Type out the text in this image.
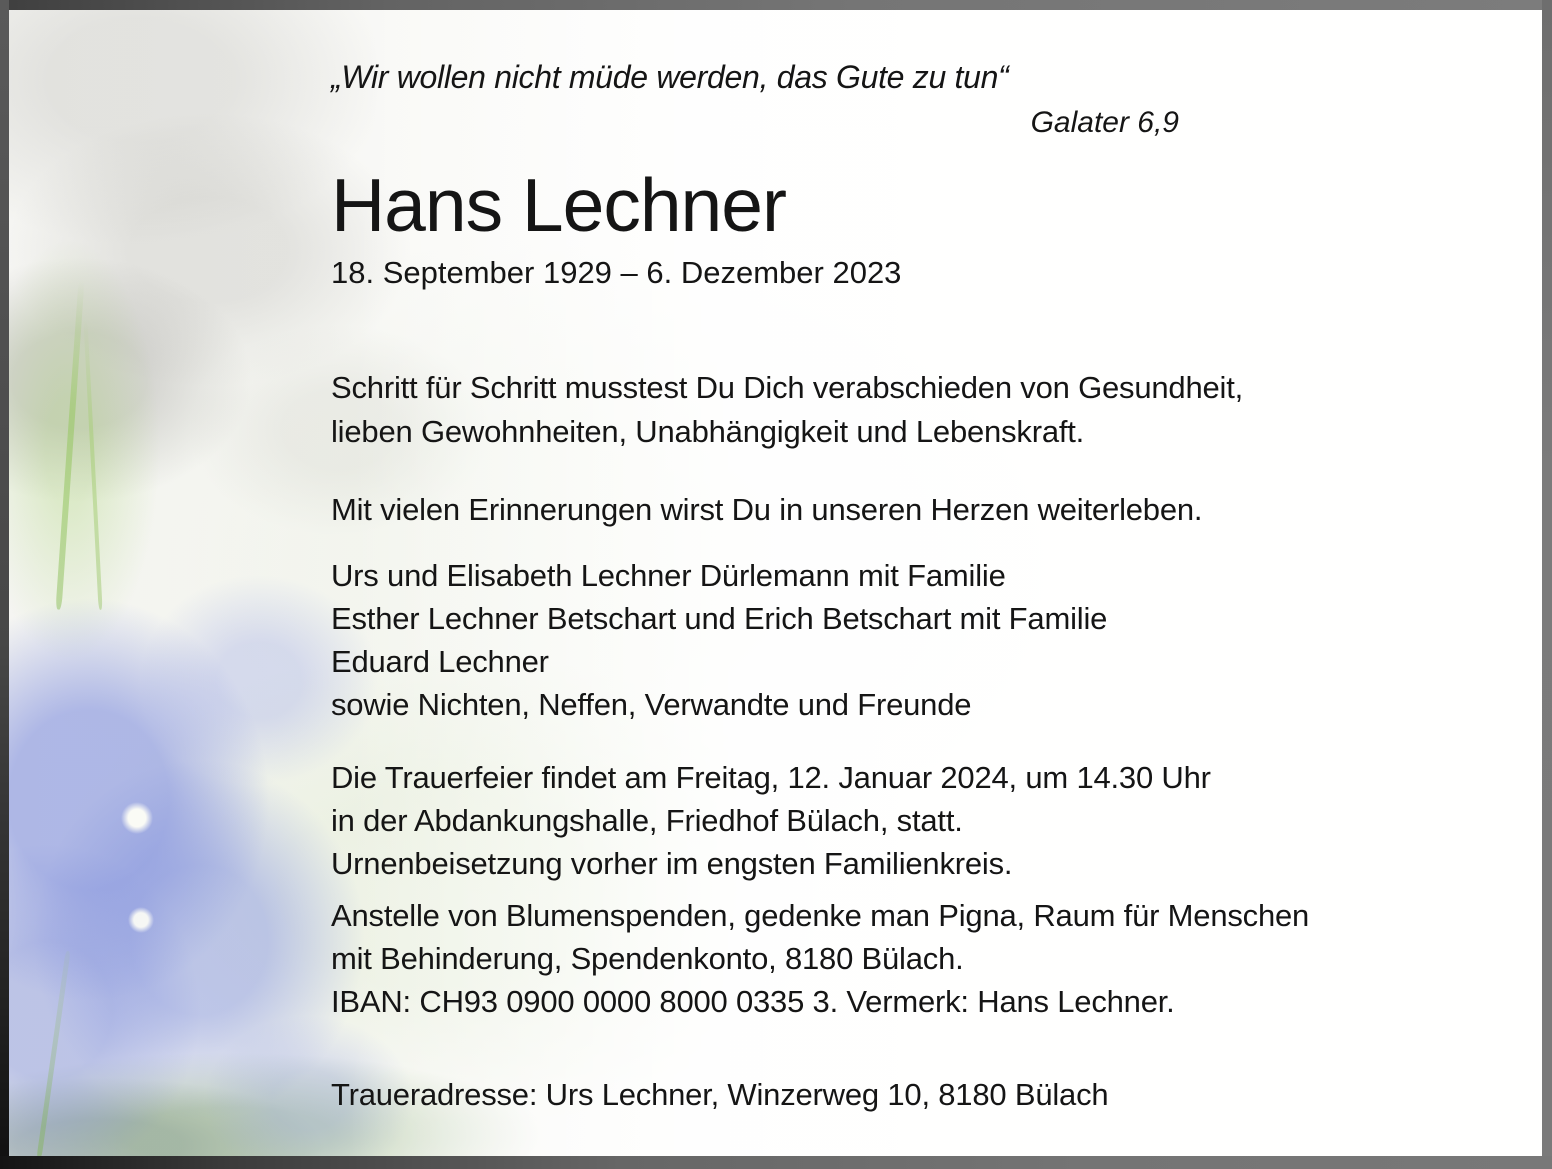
„Wir wollen nicht müde werden, das Gute zu tun“
Galater 6,9
Hans Lechner
18. September 1929 – 6. Dezember 2023
Schritt für Schritt musstest Du Dich verabschieden von Gesundheit,
lieben Gewohnheiten, Unabhängigkeit und Lebenskraft.
Mit vielen Erinnerungen wirst Du in unseren Herzen weiterleben.
Urs und Elisabeth Lechner Dürlemann mit Familie
Esther Lechner Betschart und Erich Betschart mit Familie
Eduard Lechner
sowie Nichten, Neffen, Verwandte und Freunde
Die Trauerfeier findet am Freitag, 12. Januar 2024, um 14.30 Uhr
in der Abdankungshalle, Friedhof Bülach, statt.
Urnenbeisetzung vorher im engsten Familienkreis.
Anstelle von Blumenspenden, gedenke man Pigna, Raum für Menschen
mit Behinderung, Spendenkonto, 8180 Bülach.
IBAN: CH93 0900 0000 8000 0335 3. Vermerk: Hans Lechner.
Traueradresse: Urs Lechner, Winzerweg 10, 8180 Bülach
